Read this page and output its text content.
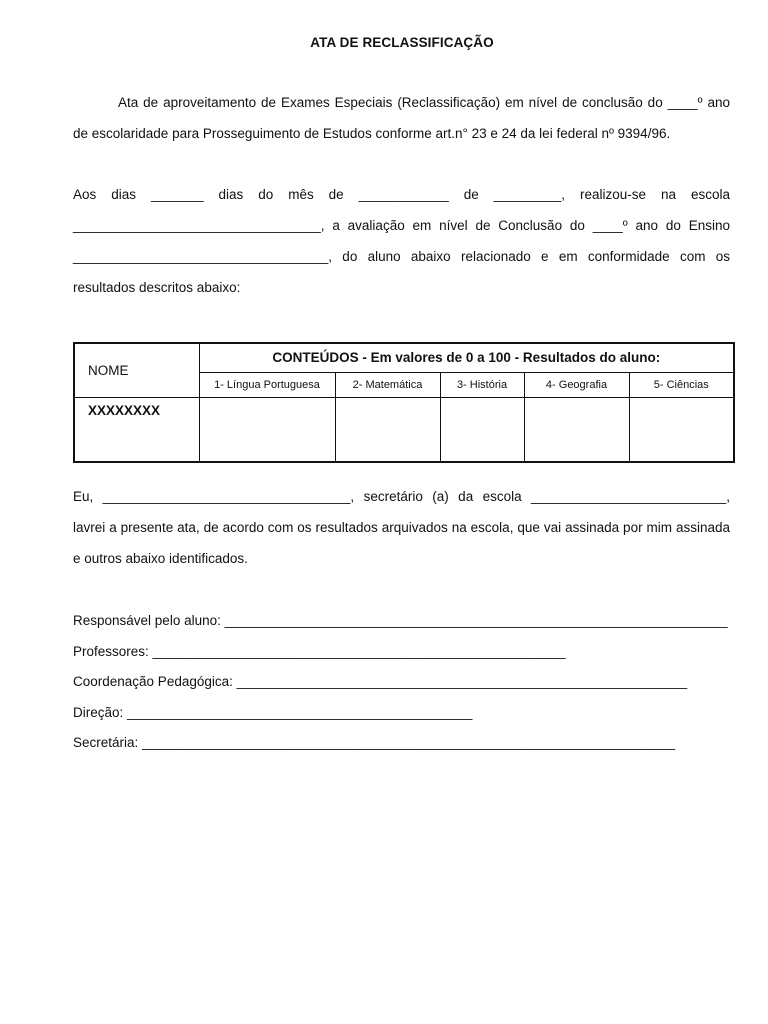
ATA DE RECLASSIFICAÇÃO

Ata de aproveitamento de Exames Especiais (Reclassificação) em nível de conclusão do ____º ano de escolaridade para Prosseguimento de Estudos conforme art.n° 23 e 24 da lei federal nº 9394/96.

Aos dias _______ dias do mês de ____________ de _________, realizou-se na escola _________________________________, a avaliação em nível de Conclusão do ____º ano do Ensino __________________________________, do aluno abaixo relacionado e em conformidade com os resultados descritos abaixo:

NOME	CONTEÚDOS - Em valores de 0 a 100 - Resultados do aluno:				
	1- Língua Portuguesa	2- Matemática	3- História	4- Geografia	5- Ciências
XXXXXXXX					

Eu, _________________________________, secretário (a) da escola __________________________, lavrei a presente ata, de acordo com os resultados arquivados na escola, que vai assinada por mim assinada e outros abaixo identificados.

Responsável pelo aluno: ___________________________________________________________________
Professores: _______________________________________________________
Coordenação Pedagógica: ____________________________________________________________
Direção: ______________________________________________
Secretária: _______________________________________________________________________
